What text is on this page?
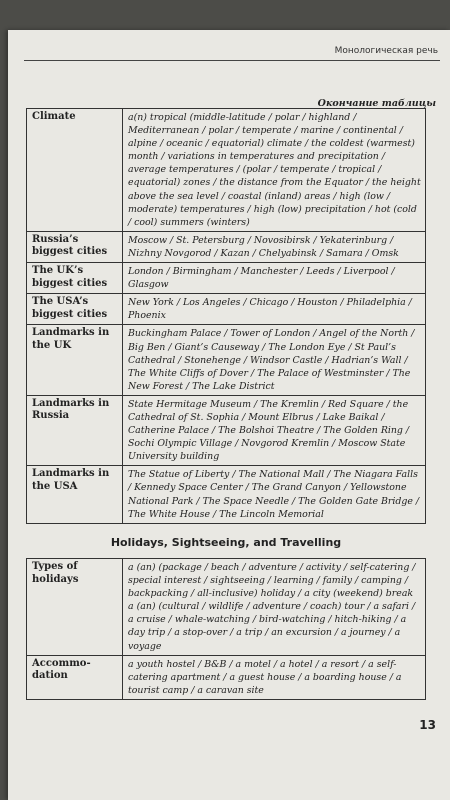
Монологическая речь
Окончание таблицы
Climate	a(n) tropical (middle-latitude / polar / highland / Mediterranean / polar / temperate / marine / continental / alpine / oceanic / equatorial) climate / the coldest (warmest) month / variations in temperatures and precipitation / average temperatures / (polar / temperate / tropical / equatorial) zones / the distance from the Equator / the height above the sea level / coastal (inland) areas / high (low / moderate) temperatures / high (low) precipitation / hot (cold / cool) summers (winters)
Russia’s biggest cities	Moscow / St. Petersburg / Novosibirsk / Yekaterinburg / Nizhny Novgorod / Kazan / Chelyabinsk / Samara / Omsk
The UK’s biggest cities	London / Birmingham / Manchester / Leeds / Liverpool / Glasgow
The USA’s biggest cities	New York / Los Angeles / Chicago / Houston / Philadelphia / Phoenix
Landmarks in the UK	Buckingham Palace / Tower of London / Angel of the North / Big Ben / Giant’s Causeway / The London Eye / St Paul’s Cathedral / Stonehenge / Windsor Castle / Hadrian’s Wall / The White Cliffs of Dover / The Palace of Westminster / The New Forest / The Lake District
Landmarks in Russia	State Hermitage Museum / The Kremlin / Red Square / the Cathedral of St. Sophia / Mount Elbrus / Lake Baikal / Catherine Palace / The Bolshoi Theatre / The Golden Ring / Sochi Olympic Village / Novgorod Kremlin / Moscow State University building
Landmarks in the USA	The Statue of Liberty / The National Mall / The Niagara Falls / Kennedy Space Center / The Grand Canyon / Yellowstone National Park / The Space Needle / The Golden Gate Bridge / The White House / The Lincoln Memorial
Holidays, Sightseeing, and Travelling
Types of holidays	a (an) (package / beach / adventure / activity / self-catering / special interest / sightseeing / learning / family / camping / backpacking / all-inclusive) holiday / a city (weekend) break a (an) (cultural / wildlife / adventure / coach) tour / a safari / a cruise / whale-watching / bird-watching / hitch-hiking / a day trip / a stop-over / a trip / an excursion / a journey / a voyage
Accommo-dation	a youth hostel / B&B / a motel / a hotel / a resort / a self-catering apartment / a guest house / a boarding house / a tourist camp / a caravan site
13
